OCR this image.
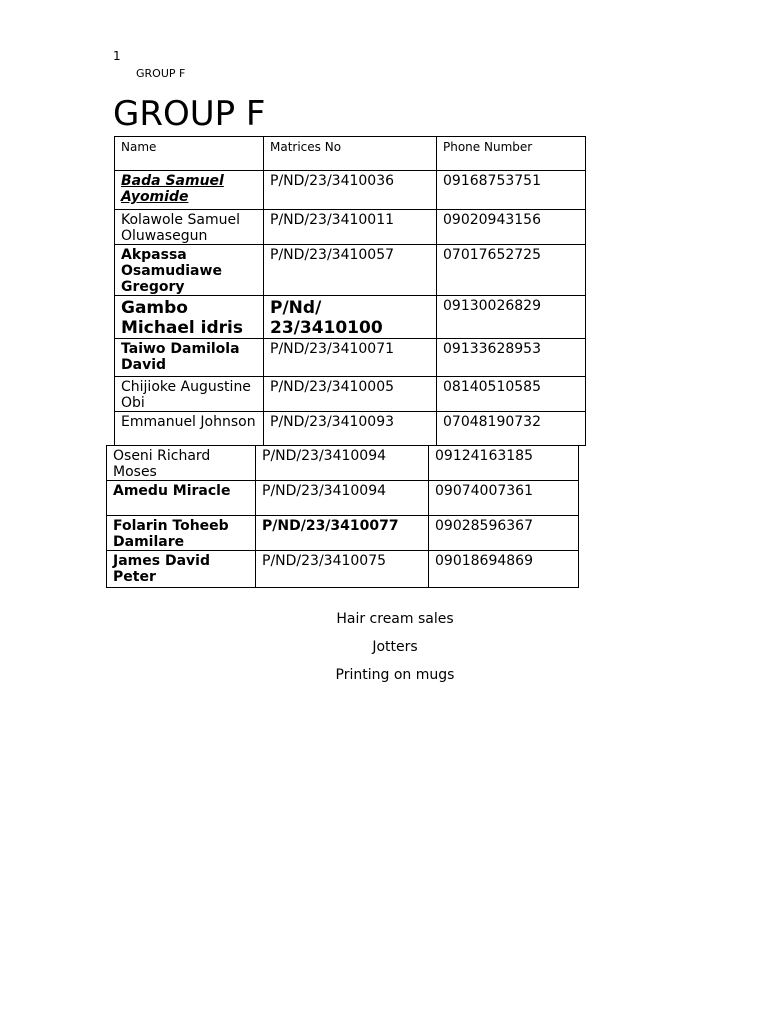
1
GROUP F
GROUP F
Name	Matrices No	Phone Number
Bada Samuel Ayomide	P/ND/23/3410036	09168753751
Kolawole Samuel Oluwasegun	P/ND/23/3410011	09020943156
Akpassa Osamudiawe Gregory	P/ND/23/3410057	07017652725
Gambo Michael idris	P/Nd/ 23/3410100	09130026829
Taiwo Damilola David	P/ND/23/3410071	09133628953
Chijioke Augustine Obi	P/ND/23/3410005	08140510585
Emmanuel Johnson	P/ND/23/3410093	07048190732
Oseni Richard Moses	P/ND/23/3410094	09124163185
Amedu Miracle	P/ND/23/3410094	09074007361
Folarin Toheeb Damilare	P/ND/23/3410077	09028596367
James David Peter	P/ND/23/3410075	09018694869
Hair cream sales
Jotters
Printing on mugs
